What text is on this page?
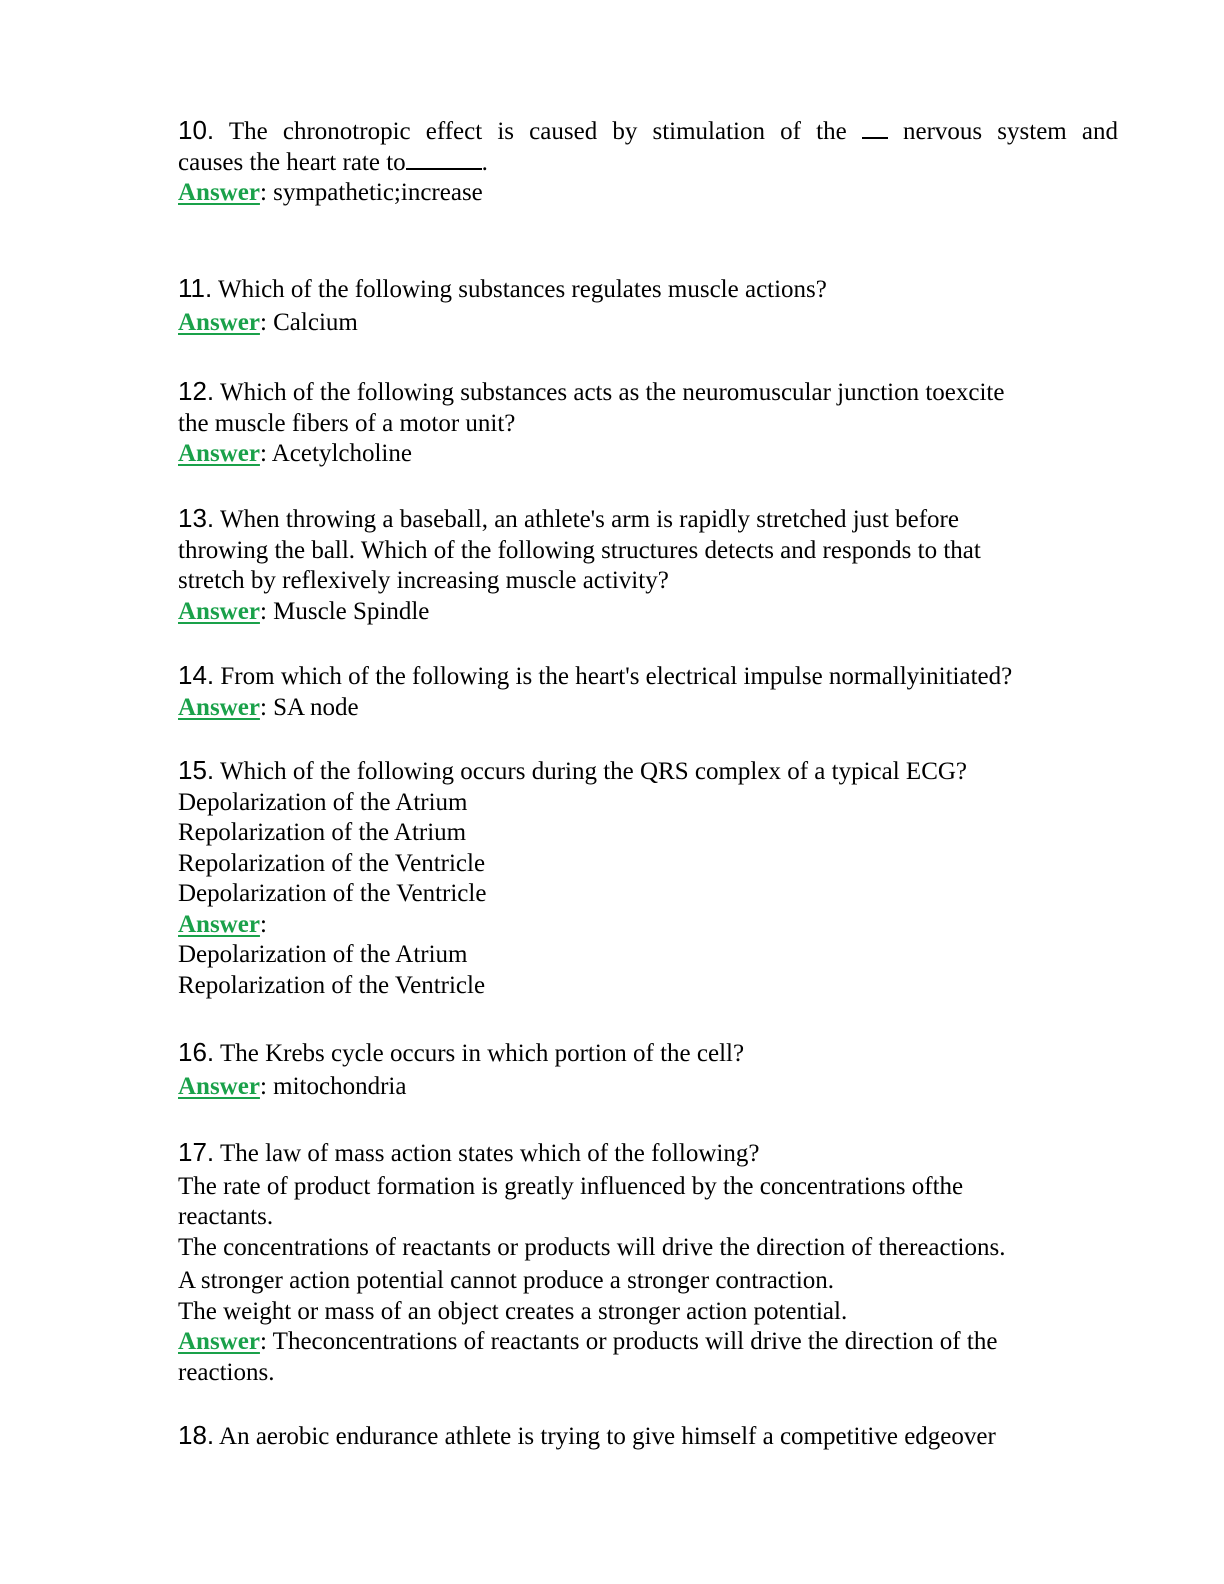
10. The chronotropic effect is caused by stimulation of the nervous system and
causes the heart rate to	.
Answer: sympathetic;increase
11. Which of the following substances regulates muscle actions?
Answer: Calcium
12. Which of the following substances acts as the neuromuscular junction toexcite
the muscle fibers of a motor unit?
Answer: Acetylcholine
13. When throwing a baseball, an athlete's arm is rapidly stretched just before
throwing the ball. Which of the following structures detects and responds to that
stretch by reflexively increasing muscle activity?
Answer: Muscle Spindle
14. From which of the following is the heart's electrical impulse normallyinitiated?
Answer: SA node
15. Which of the following occurs during the QRS complex of a typical ECG?
Depolarization of the Atrium
Repolarization of the Atrium
Repolarization of the Ventricle
Depolarization of the Ventricle
Answer:
Depolarization of the Atrium
Repolarization of the Ventricle
16. The Krebs cycle occurs in which portion of the cell?
Answer: mitochondria
17. The law of mass action states which of the following?
The rate of product formation is greatly influenced by the concentrations ofthe
reactants.
The concentrations of reactants or products will drive the direction of thereactions.
A stronger action potential cannot produce a stronger contraction.
The weight or mass of an object creates a stronger action potential.
Answer: Theconcentrations of reactants or products will drive the direction of the
reactions.
18. An aerobic endurance athlete is trying to give himself a competitive edgeover
